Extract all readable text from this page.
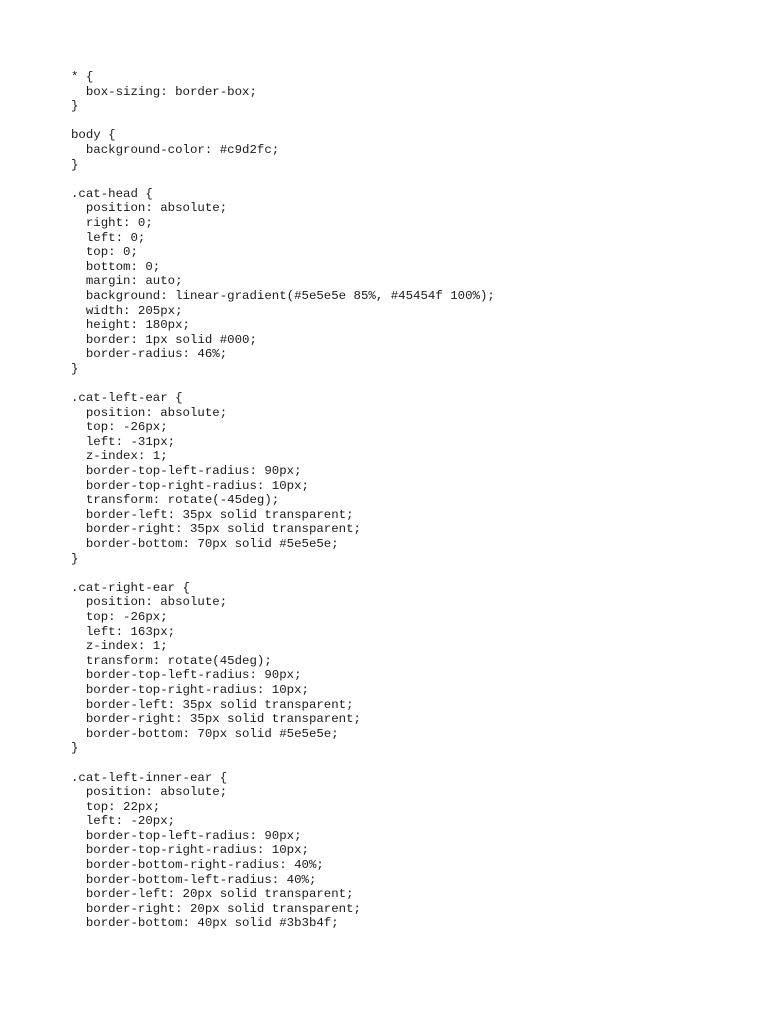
* {
box-sizing: border-box;
}
body {
background-color: #c9d2fc;
}
.cat-head {
position: absolute;
right: 0;
left: 0;
top: 0;
bottom: 0;
margin: auto;
background: linear-gradient(#5e5e5e 85%, #45454f 100%);
width: 205px;
height: 180px;
border: 1px solid #000;
border-radius: 46%;
}
.cat-left-ear {
position: absolute;
top: -26px;
left: -31px;
z-index: 1;
border-top-left-radius: 90px;
border-top-right-radius: 10px;
transform: rotate(-45deg);
border-left: 35px solid transparent;
border-right: 35px solid transparent;
border-bottom: 70px solid #5e5e5e;
}
.cat-right-ear {
position: absolute;
top: -26px;
left: 163px;
z-index: 1;
transform: rotate(45deg);
border-top-left-radius: 90px;
border-top-right-radius: 10px;
border-left: 35px solid transparent;
border-right: 35px solid transparent;
border-bottom: 70px solid #5e5e5e;
}
.cat-left-inner-ear {
position: absolute;
top: 22px;
left: -20px;
border-top-left-radius: 90px;
border-top-right-radius: 10px;
border-bottom-right-radius: 40%;
border-bottom-left-radius: 40%;
border-left: 20px solid transparent;
border-right: 20px solid transparent;
border-bottom: 40px solid #3b3b4f;
